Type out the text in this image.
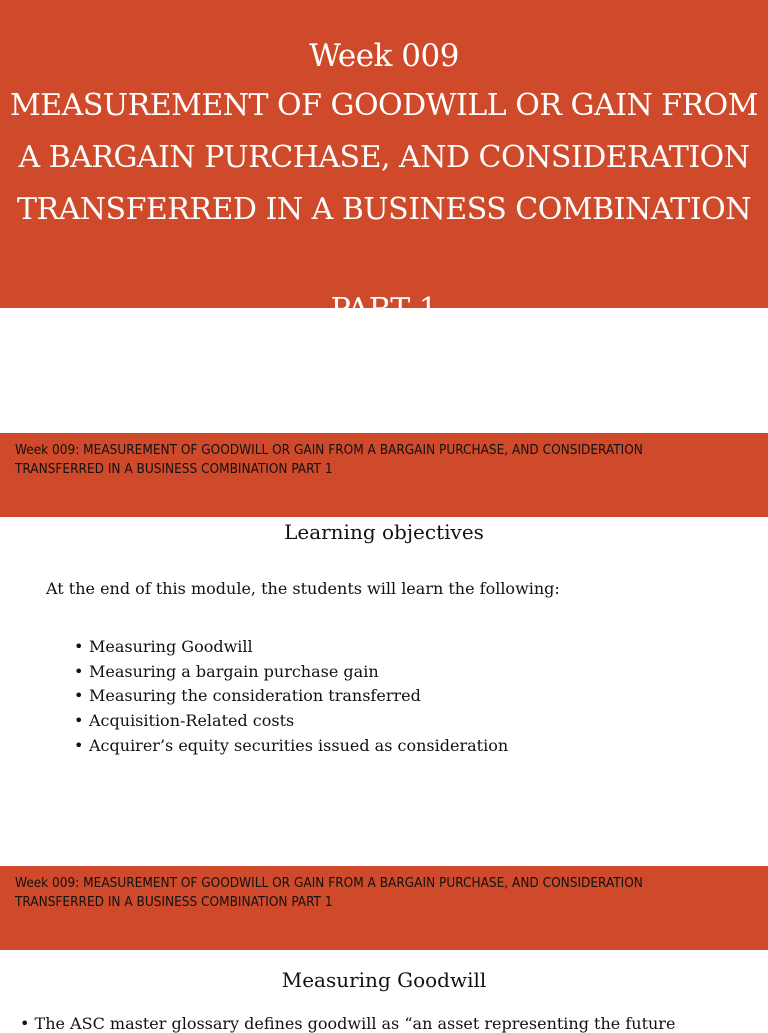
Week 009
MEASUREMENT OF GOODWILL OR GAIN FROM
A BARGAIN PURCHASE, AND CONSIDERATION
TRANSFERRED IN A BUSINESS COMBINATION
PART 1
Week 009: MEASUREMENT OF GOODWILL OR GAIN FROM A BARGAIN PURCHASE, AND CONSIDERATION
TRANSFERRED IN A BUSINESS COMBINATION PART 1
Learning objectives
At the end of this module, the students will learn the following:
• Measuring Goodwill
• Measuring a bargain purchase gain
• Measuring the consideration transferred
• Acquisition-Related costs
• Acquirer’s equity securities issued as consideration
Week 009: MEASUREMENT OF GOODWILL OR GAIN FROM A BARGAIN PURCHASE, AND CONSIDERATION
TRANSFERRED IN A BUSINESS COMBINATION PART 1
Measuring Goodwill
• The ASC master glossary defines goodwill as “an asset representing the future
